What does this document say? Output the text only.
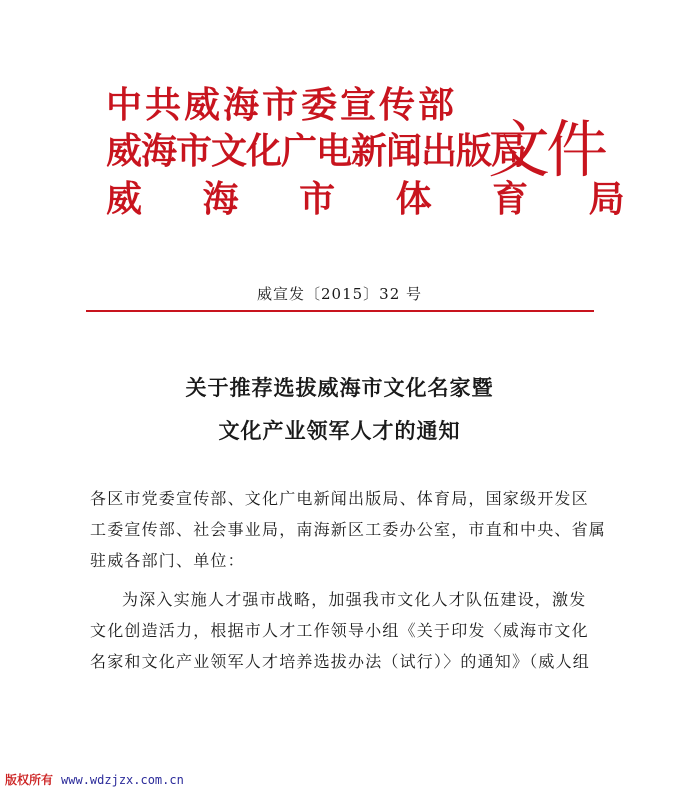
中共威海市委宣传部
威海市文化广电新闻出版局
威 海 市 体 育 局
文件
威宣发〔2015〕32 号
关于推荐选拔威海市文化名家暨
文化产业领军人才的通知
各区市党委宣传部、文化广电新闻出版局、体育局，国家级开发区
工委宣传部、社会事业局，南海新区工委办公室，市直和中央、省属
驻威各部门、单位：
为深入实施人才强市战略，加强我市文化人才队伍建设，激发
文化创造活力，根据市人才工作领导小组《关于印发〈威海市文化
名家和文化产业领军人才培养选拔办法（试行）〉的通知》（威人组
版权所有 www.wdzjzx.com.cn
